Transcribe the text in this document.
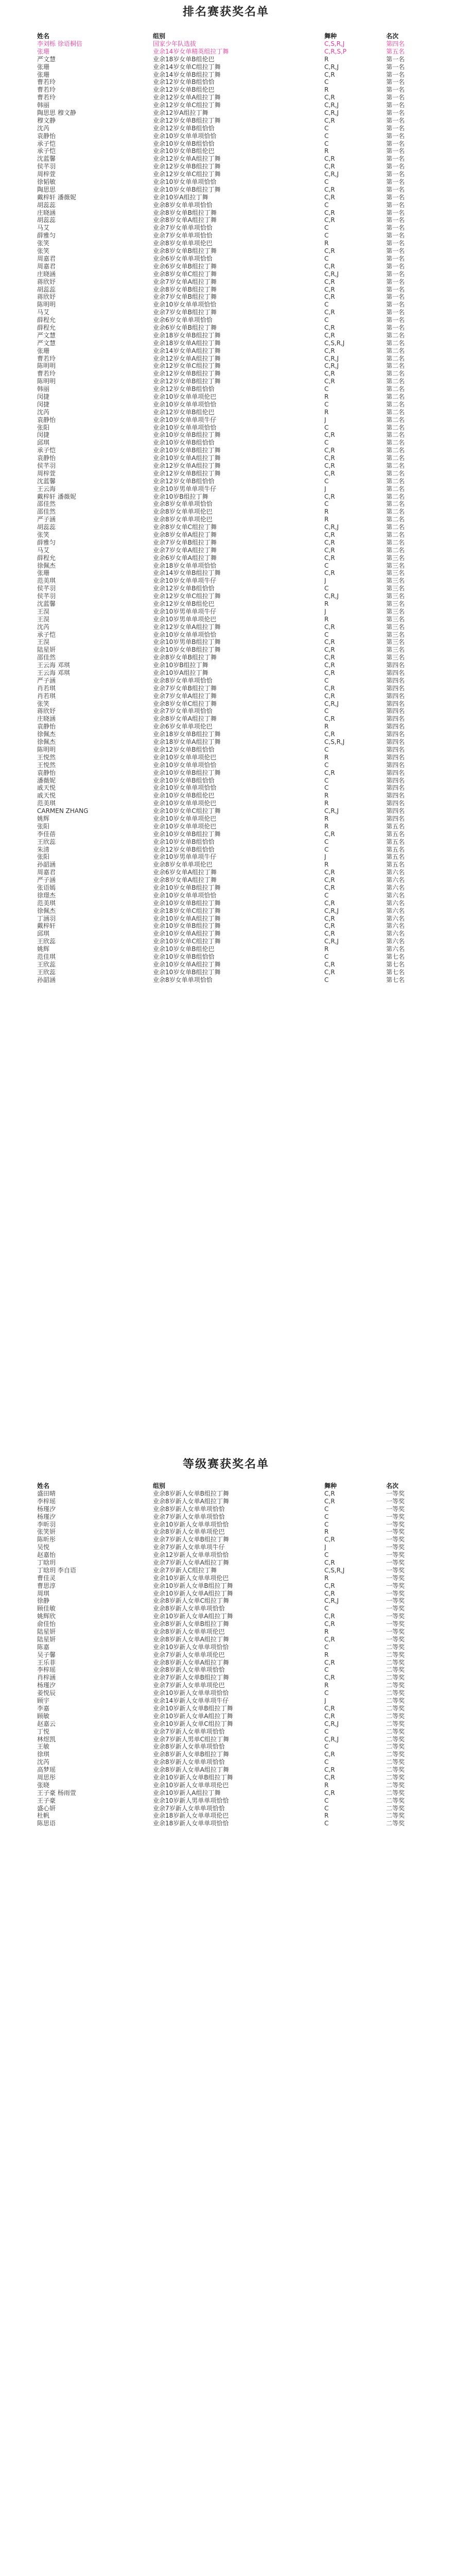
排名赛获奖名单
姓名	组别	舞种	名次
李刘栎 徐语桐倍	国家少年队选拔	C,S,R,J	第四名
张珊	业余14岁女单精英组拉丁舞	C,R,S,P	第五名
严文慧	业余18岁女单B组伦巴	R	第一名
张珊	业余14岁女单C组拉丁舞	C,R,J	第一名
张珊	业余14岁女单B组拉丁舞	C,R	第一名
曹若玲	业余12岁女单B组恰恰	C	第一名
曹若玲	业余12岁女单B组伦巴	R	第一名
曹若玲	业余12岁女单A组拉丁舞	C,R	第一名
韩丽	业余12岁女单C组拉丁舞	C,R,J	第一名
陶思思 穆文静	业余12岁A组拉丁舞	C,R,J	第一名
穆文静	业余12岁女单B组拉丁舞	C,R	第一名
沈芮	业余12岁女单B组恰恰	C	第一名
袁静怡	业余10岁女单单项恰恰	C	第一名
承子恺	业余10岁女单B组恰恰	C	第一名
承子恺	业余10岁女单B组伦巴	R	第一名
沈蓝馨	业余12岁女单A组拉丁舞	C,R	第一名
侯芊羽	业余12岁女单B组拉丁舞	C,R	第一名
周梓萱	业余12岁女单C组拉丁舞	C,R,J	第一名
徐韬敏	业余10岁女单单项恰恰	C	第一名
陶思思	业余10岁女单B组拉丁舞	C,R	第一名
戴梓轩 潘薇妮	业余10岁A组拉丁舞	C,R	第一名
胡蕊蕊	业余8岁女单单项恰恰	C	第一名
庄晓涵	业余8岁女单B组拉丁舞	C,R	第一名
胡蕊蕊	业余8岁女单A组拉丁舞	C,R	第一名
马艾	业余7岁女单单项恰恰	C	第一名
薛雅匀	业余7岁女单单项恰恰	C	第一名
张笑	业余8岁女单单项伦巴	R	第一名
张笑	业余8岁女单B组拉丁舞	C,R	第一名
周嘉君	业余6岁女单单项恰恰	C	第一名
周嘉君	业余6岁女单B组拉丁舞	C,R	第一名
庄晓涵	业余8岁女单C组拉丁舞	C,R,J	第一名
蒋欣妤	业余7岁女单A组拉丁舞	C,R	第一名
胡蕊蕊	业余8岁女单B组拉丁舞	C,R	第一名
蒋欣妤	业余7岁女单B组拉丁舞	C,R	第一名
陈明明	业余10岁女单单项恰恰	C	第一名
马艾	业余7岁女单B组拉丁舞	C,R	第一名
薛程允	业余6岁女单单项恰恰	C	第一名
薛程允	业余6岁女单B组拉丁舞	C,R	第一名
严文慧	业余18岁女单B组拉丁舞	C,R	第二名
严文慧	业余18岁女单A组拉丁舞	C,S,R,J	第二名
张珊	业余14岁女单A组拉丁舞	C,R	第二名
曹若玲	业余12岁女单A组拉丁舞	C,R,J	第二名
陈明明	业余12岁女单C组拉丁舞	C,R,J	第二名
曹若玲	业余12岁女单B组拉丁舞	C,R	第二名
陈明明	业余12岁女单B组拉丁舞	C,R	第二名
韩丽	业余12岁女单B组恰恰	C	第二名
闵捷	业余10岁女单单项伦巴	R	第二名
闵捷	业余10岁女单单项恰恰	C	第二名
沈芮	业余12岁女单B组伦巴	R	第二名
袁静怡	业余10岁女单单项牛仔	J	第二名
张阳	业余10岁女单单项恰恰	C	第二名
闵捷	业余10岁女单B组拉丁舞	C,R	第二名
邱琪	业余10岁女单B组恰恰	C	第二名
承子恺	业余10岁女单B组拉丁舞	C,R	第二名
袁静怡	业余10岁女单A组拉丁舞	C,R	第二名
侯芊羽	业余12岁女单A组拉丁舞	C,R	第二名
周梓萱	业余12岁女单B组拉丁舞	C,R	第二名
沈蓝馨	业余12岁女单B组恰恰	C	第二名
王云海	业余10岁男单单项牛仔	J	第二名
戴梓轩 潘薇妮	业余10岁B组拉丁舞	C,R	第二名
邵佳然	业余8岁女单单项恰恰	C	第二名
邵佳然	业余8岁女单单项伦巴	R	第二名
严子涵	业余8岁女单单项伦巴	R	第二名
胡蕊蕊	业余8岁女单C组拉丁舞	C,R,J	第二名
张笑	业余8岁女单A组拉丁舞	C,R	第二名
薛雅匀	业余7岁女单B组拉丁舞	C,R	第二名
马艾	业余7岁女单A组拉丁舞	C,R	第二名
薛程允	业余6岁女单A组拉丁舞	C,R	第三名
徐佩杰	业余18岁女单单项恰恰	C	第三名
张珊	业余14岁女单B组拉丁舞	C,R	第三名
范美琪	业余10岁女单单项牛仔	J	第三名
侯芊羽	业余12岁女单B组恰恰	C	第三名
侯芊羽	业余12岁女单C组拉丁舞	C,R,J	第三名
沈蓝馨	业余12岁女单B组伦巴	R	第三名
王淏	业余10岁男单单项牛仔	J	第三名
王淏	业余10岁男单单项伦巴	R	第三名
沈芮	业余12岁女单A组拉丁舞	C,R	第三名
承子恺	业余10岁女单单项恰恰	C	第三名
王淏	业余10岁男单B组拉丁舞	C,R	第三名
陆星妍	业余10岁女单B组拉丁舞	C,R	第三名
邵佳然	业余8岁女单B组拉丁舞	C,R	第三名
王云海 邓琪	业余10岁B组拉丁舞	C,R	第四名
王云海 邓琪	业余10岁A组拉丁舞	C,R	第四名
严子涵	业余8岁女单单项恰恰	C	第四名
肖若琪	业余7岁女单B组拉丁舞	C,R	第四名
肖若琪	业余7岁女单A组拉丁舞	C,R	第四名
张笑	业余8岁女单C组拉丁舞	C,R,J	第四名
蒋欣妤	业余7岁女单单项恰恰	C	第四名
庄晓涵	业余8岁女单A组拉丁舞	C,R	第四名
袁静怡	业余6岁女单单项伦巴	R	第四名
徐佩杰	业余18岁女单B组拉丁舞	C,R	第四名
徐佩杰	业余18岁女单A组拉丁舞	C,S,R,J	第四名
陈明明	业余12岁女单B组恰恰	C	第四名
王悦然	业余10岁女单单项伦巴	R	第四名
王悦然	业余10岁女单单项恰恰	C	第四名
袁静怡	业余10岁女单B组拉丁舞	C,R	第四名
潘薇妮	业余10岁女单B组恰恰	C	第四名
戚天悦	业余10岁女单单项恰恰	C	第四名
戚天悦	业余10岁女单B组伦巴	R	第四名
范美琪	业余10岁女单单项伦巴	R	第四名
CARMEN ZHANG	业余10岁女单C组拉丁舞	C,R,J	第四名
姚辉	业余10岁女单单项伦巴	R	第四名
张阳	业余10岁女单单项伦巴	R	第五名
李佳蓓	业余10岁女单B组拉丁舞	C,R	第五名
王欣蕊	业余10岁女单B组恰恰	C	第五名
朱清	业余12岁女单B组恰恰	C	第五名
张阳	业余10岁男单单项牛仔	J	第五名
孙韶涵	业余8岁女单单项伦巴	R	第五名
周嘉君	业余6岁女单A组拉丁舞	C,R	第六名
严子涵	业余8岁女单A组拉丁舞	C,R	第六名
张语嫣	业余10岁女单B组拉丁舞	C,R	第六名
徐璟杰	业余10岁女单单项恰恰	C	第六名
范美琪	业余10岁女单B组拉丁舞	C,R	第六名
徐佩杰	业余18岁女单C组拉丁舞	C,R,J	第六名
丁涵羽	业余10岁女单A组拉丁舞	C,R	第六名
戴梓轩	业余10岁女单B组拉丁舞	C,R	第六名
邱琪	业余10岁女单A组拉丁舞	C,R	第六名
王欣蕊	业余10岁女单C组拉丁舞	C,R,J	第六名
姚辉	业余10岁女单B组伦巴	R	第六名
范佳琪	业余10岁女单B组恰恰	C	第七名
王欣蕊	业余10岁女单A组拉丁舞	C,R	第七名
王欣蕊	业余10岁女单B组拉丁舞	C,R	第七名
孙韶涵	业余8岁女单单项恰恰	C	第七名
等级赛获奖名单
姓名	组别	舞种	名次
盛田晴	业余8岁新人女单B组拉丁舞	C,R	一等奖
李梓瑶	业余8岁新人女单A组拉丁舞	C,R	一等奖
杨瑾汐	业余8岁新人女单单项恰恰	C	一等奖
杨瑾汐	业余7岁新人女单单项恰恰	C	一等奖
李昕羽	业余10岁新人女单单项恰恰	C	一等奖
张笑妍	业余8岁新人女单单项伦巴	R	一等奖
陈昕彤	业余7岁新人女单B组拉丁舞	C,R	一等奖
吴悦	业余7岁新人女单单项牛仔	J	一等奖
赵嘉怡	业余12岁新人女单单项恰恰	C	一等奖
丁晗玥	业余7岁新人女单A组拉丁舞	C,R	一等奖
丁晗玥 李自语	业余7岁新人C组拉丁舞	C,S,R,J	一等奖
曹佳灵	业余10岁新人女单单项伦巴	R	一等奖
曹思淳	业余10岁新人女单B组拉丁舞	C,R	一等奖
周琪	业余10岁新人女单A组拉丁舞	C,R	一等奖
徐静	业余8岁新人女单C组拉丁舞	C,R,J	一等奖
顾佳敏	业余8岁新人女单单项恰恰	C	一等奖
姚辉欣	业余10岁新人女单A组拉丁舞	C,R	一等奖
俞佳怡	业余8岁新人女单B组拉丁舞	C,R	一等奖
陆星妍	业余8岁新人女单单项伦巴	R	一等奖
陆星妍	业余8岁新人女单A组拉丁舞	C,R	一等奖
陈嘉	业余10岁新人女单单项恰恰	C	二等奖
吴子馨	业余7岁新人女单单项伦巴	R	二等奖
王乐菲	业余8岁新人女单A组拉丁舞	C,R	二等奖
李梓瑶	业余8岁新人女单单项恰恰	C	二等奖
肖梓涵	业余7岁新人女单B组拉丁舞	C,R	二等奖
杨瑾汐	业余7岁新人女单单项伦巴	R	二等奖
姜悦辰	业余10岁新人女单单项恰恰	C	二等奖
顾宇	业余14岁新人女单单项牛仔	J	二等奖
李嘉	业余10岁新人女单B组拉丁舞	C,R	二等奖
顾敏	业余10岁新人女单A组拉丁舞	C,R	二等奖
赵嘉云	业余10岁新人女单C组拉丁舞	C,R,J	二等奖
丁悦	业余7岁新人女单单项恰恰	C	二等奖
林煜凯	业余7岁新人男单C组拉丁舞	C,R,J	二等奖
王敏	业余8岁新人女单单项恰恰	C	二等奖
徐琪	业余8岁新人女单B组拉丁舞	C,R	二等奖
沈芮	业余8岁新人女单单项恰恰	C	二等奖
高梦瑶	业余8岁新人女单A组拉丁舞	C,R	二等奖
周思彤	业余10岁新人女单B组拉丁舞	C,R	二等奖
张晓	业余10岁新人女单单项伦巴	R	二等奖
王子豪 杨雨萱	业余10岁新人A组拉丁舞	C,R	二等奖
王子豪	业余10岁新人男单单项恰恰	C	二等奖
盛心妍	业余7岁新人女单单项恰恰	C	二等奖
杜帆	业余18岁新人女单单项伦巴	R	二等奖
陈思语	业余18岁新人女单单项恰恰	C	二等奖
